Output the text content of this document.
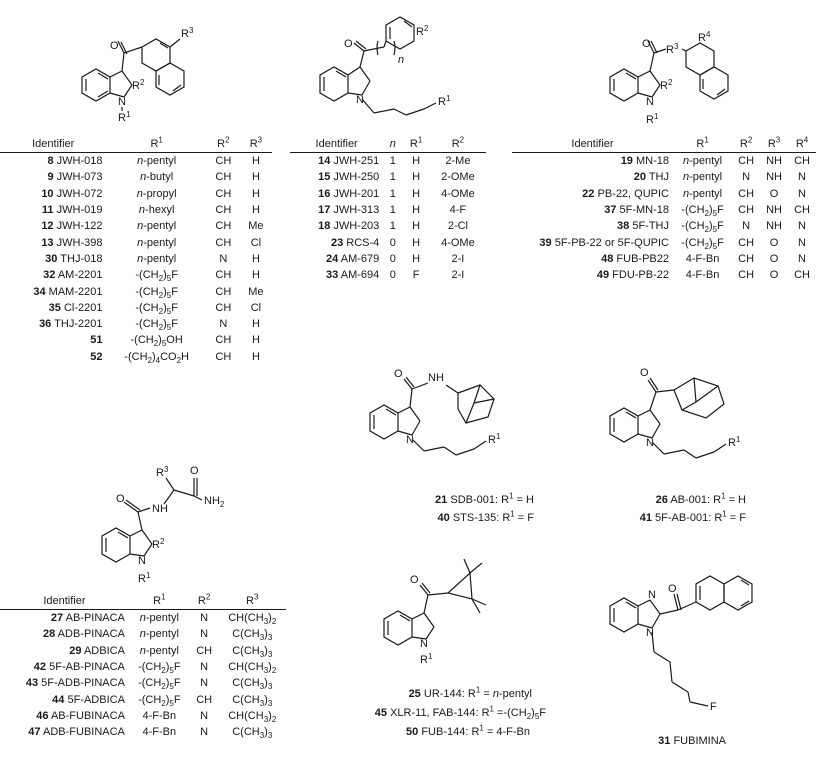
O
$R^2$
N
$R^1$
$R^3$
O
N
$R^2$
n
$R^1$
O $R^3$
$R^4$
$R^2$
N
$R^1$
Identifier	$R^1$	$R^2$	$R^3$
8 JWH-018	n-pentyl	CH	H
9 JWH-073	n-butyl	CH	H
10 JWH-072	n-propyl	CH	H
11 JWH-019	n-hexyl	CH	H
12 JWH-122	n-pentyl	CH	Me
13 JWH-398	n-pentyl	CH	Cl
30 THJ-018	n-pentyl	N	H
32 AM-2201	$-(CH_2)_5F$	CH	H
34 MAM-2201	$-(CH_2)_5F$	CH	Me
35 Cl-2201	$-(CH_2)_5F$	CH	Cl
36 THJ-2201	$-(CH_2)_5F$	N	H
51	$-(CH_2)_5OH$	CH	H
52	$-(CH_2)_4CO_2H$	CH	H
Identifier	n	$R^1$	$R^2$
14 JWH-251	1	H	2-Me
15 JWH-250	1	H	2-OMe
16 JWH-201	1	H	4-OMe
17 JWH-313	1	H	4-F
18 JWH-203	1	H	2-Cl
23 RCS-4	0	H	4-OMe
24 AM-679	0	H	2-I
33 AM-694	0	F	2-I
Identifier	$R^1$	$R^2$	$R^3$	$R^4$
19 MN-18	n-pentyl	CH	NH	CH
20 THJ	n-pentyl	N	NH	N
22 PB-22, QUPIC	n-pentyl	CH	O	N
37 5F-MN-18	$-(CH_2)_5F$	CH	NH	CH
38 5F-THJ	$-(CH_2)_5F$	N	NH	N
39 5F-PB-22 or 5F-QUPIC	$-(CH_2)_5F$	CH	O	N
48 FUB-PB22	4-F-Bn	CH	O	N
49 FDU-PB-22	4-F-Bn	CH	O	CH
O N H
N	$R^1$
O
N	$R^1$
21 SDB-001: $R^1 = H$
40 STS-135: $R^1 = F$
26 AB-001: $R^1 = H$
41 5F-AB-001: $R^1 = F$
O
N H
$R^3$ O
$NH_2$
$R^2$
N
$R^1$
Identifier	$R^1$	$R^2$	$R^3$
27 AB-PINACA	n-pentyl	N	$CH(CH_3)_2$
28 ADB-PINACA	n-pentyl	N	$C(CH_3)_3$
29 ADBICA	n-pentyl	CH	$C(CH_3)_3$
42 5F-AB-PINACA	$-(CH_2)_5F$	N	$CH(CH_3)_2$
43 5F-ADB-PINACA	$-(CH_2)_5F$	N	$C(CH_3)_3$
44 5F-ADBICA	$-(CH_2)_5F$	CH	$C(CH_3)_3$
46 AB-FUBINACA	4-F-Bn	N	$CH(CH_3)_2$
47 ADB-FUBINACA	4-F-Bn	N	$C(CH_3)_3$
O
N
$R^1$
25 UR-144: $R^1$ = n-pentyl
45 XLR-11, FAB-144: $R^1 =-(CH_2)_5F$
50 FUB-144: $R^1 = 4-F-Bn$
N
N
O
F
31 FUBIMINA
